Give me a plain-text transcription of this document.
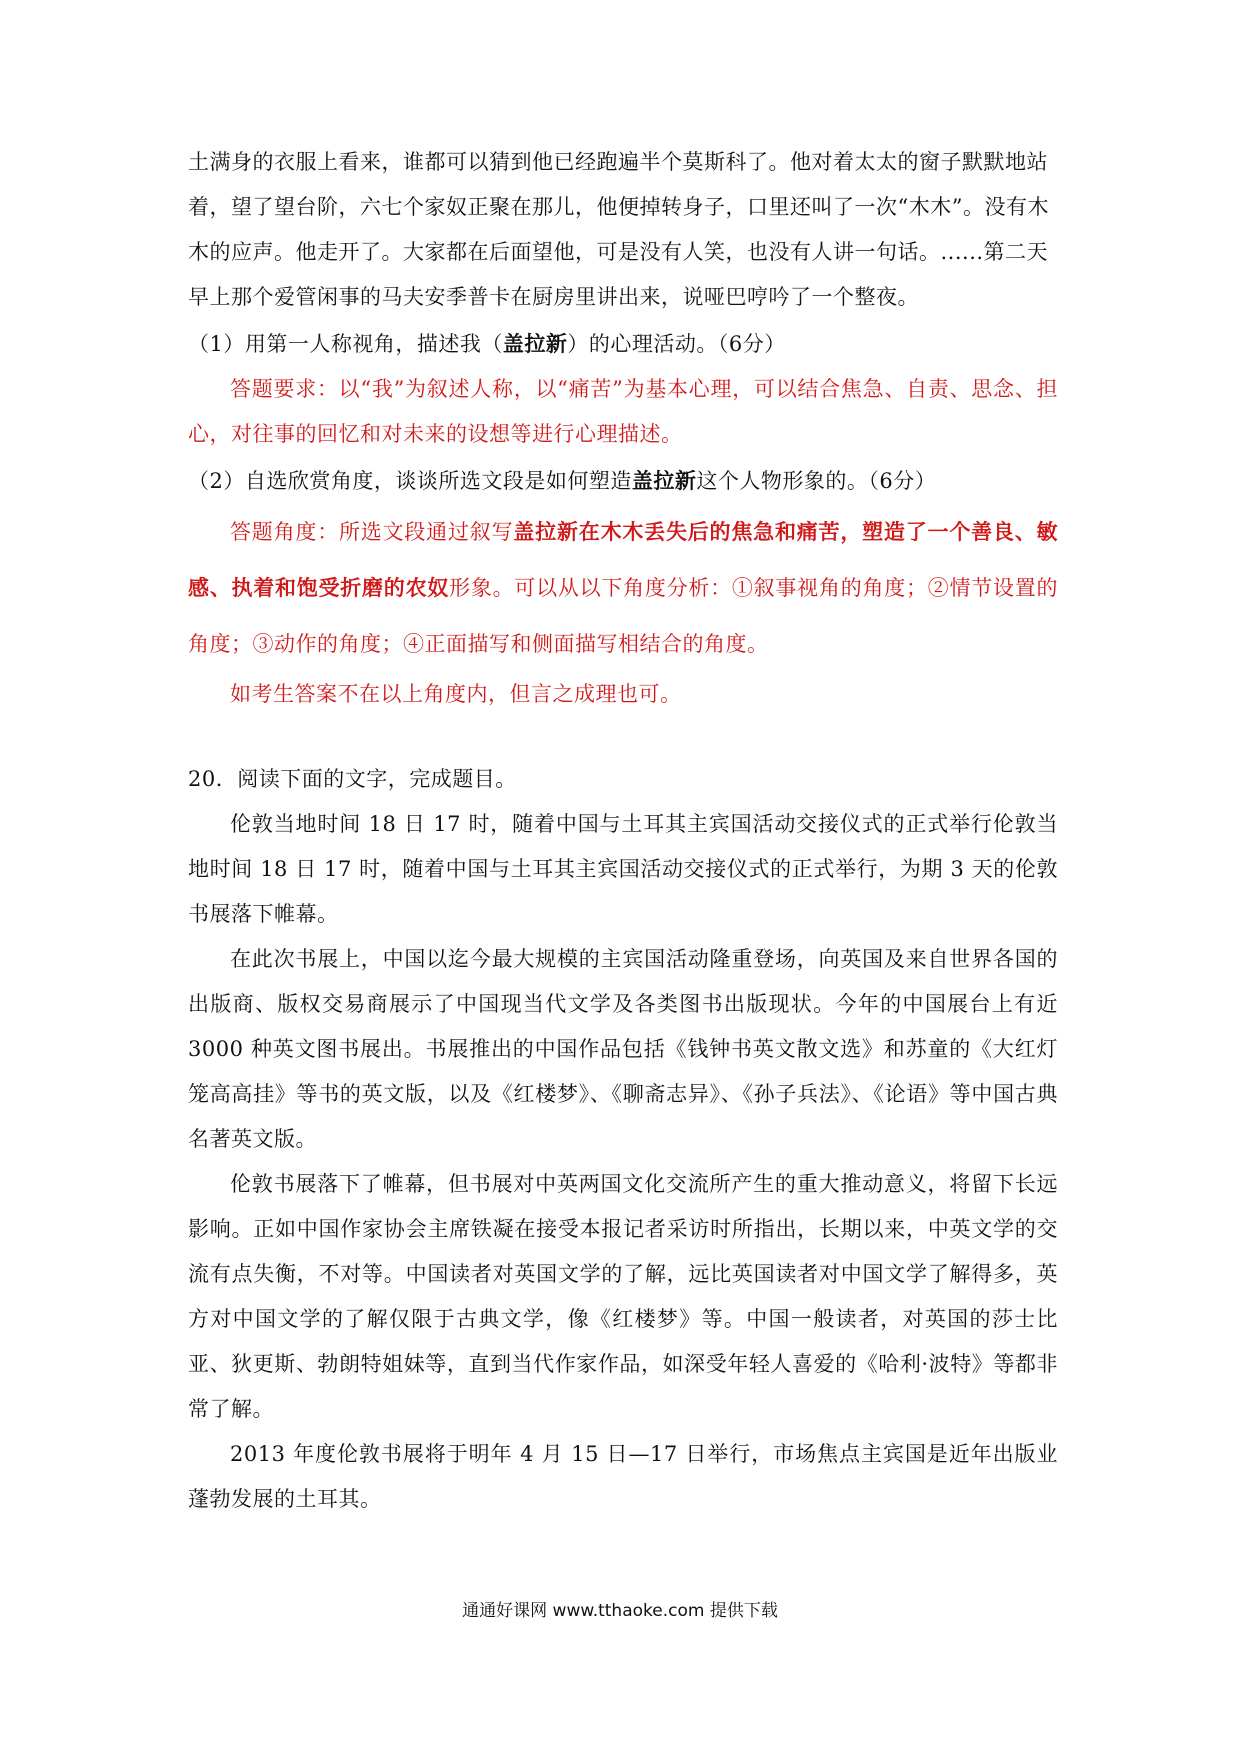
土满身的衣服上看来，谁都可以猜到他已经跑遍半个莫斯科了。他对着太太的窗子默默地站

着，望了望台阶，六七个家奴正聚在那儿，他便掉转身子，口里还叫了一次“木木”。没有木

木的应声。他走开了。大家都在后面望他，可是没有人笑，也没有人讲一句话。......第二天

早上那个爱管闲事的马夫安季普卡在厨房里讲出来，说哑巴哼吟了一个整夜。

（1）用第一人称视角，描述我（盖拉新）的心理活动。（6分）

答题要求：以“我”为叙述人称，以“痛苦”为基本心理，可以结合焦急、自责、思念、担心，对往事的回忆和对未来的设想等进行心理描述。

（2）自选欣赏角度，谈谈所选文段是如何塑造盖拉新这个人物形象的。（6分）

答题角度：所选文段通过叙写盖拉新在木木丢失后的焦急和痛苦，塑造了一个善良、敏感、执着和饱受折磨的农奴形象。可以从以下角度分析：①叙事视角的角度；②情节设置的角度；③动作的角度；④正面描写和侧面描写相结合的角度。

如考生答案不在以上角度内，但言之成理也可。

20．阅读下面的文字，完成题目。

伦敦当地时间 18 日 17 时，随着中国与土耳其主宾国活动交接仪式的正式举行伦敦当地时间 18 日 17 时，随着中国与土耳其主宾国活动交接仪式的正式举行，为期 3 天的伦敦书展落下帷幕。

在此次书展上，中国以迄今最大规模的主宾国活动隆重登场，向英国及来自世界各国的出版商、版权交易商展示了中国现当代文学及各类图书出版现状。今年的中国展台上有近 3000 种英文图书展出。书展推出的中国作品包括《钱钟书英文散文选》和苏童的《大红灯笼高高挂》等书的英文版，以及《红楼梦》、《聊斋志异》、《孙子兵法》、《论语》等中国古典名著英文版。

伦敦书展落下了帷幕，但书展对中英两国文化交流所产生的重大推动意义，将留下长远影响。正如中国作家协会主席铁凝在接受本报记者采访时所指出，长期以来，中英文学的交流有点失衡，不对等。中国读者对英国文学的了解，远比英国读者对中国文学了解得多，英方对中国文学的了解仅限于古典文学，像《红楼梦》等。中国一般读者，对英国的莎士比亚、狄更斯、勃朗特姐妹等，直到当代作家作品，如深受年轻人喜爱的《哈利·波特》等都非常了解。

2013 年度伦敦书展将于明年 4 月 15 日—17 日举行，市场焦点主宾国是近年出版业蓬勃发展的土耳其。

通通好课网 www.tthaoke.com 提供下载
